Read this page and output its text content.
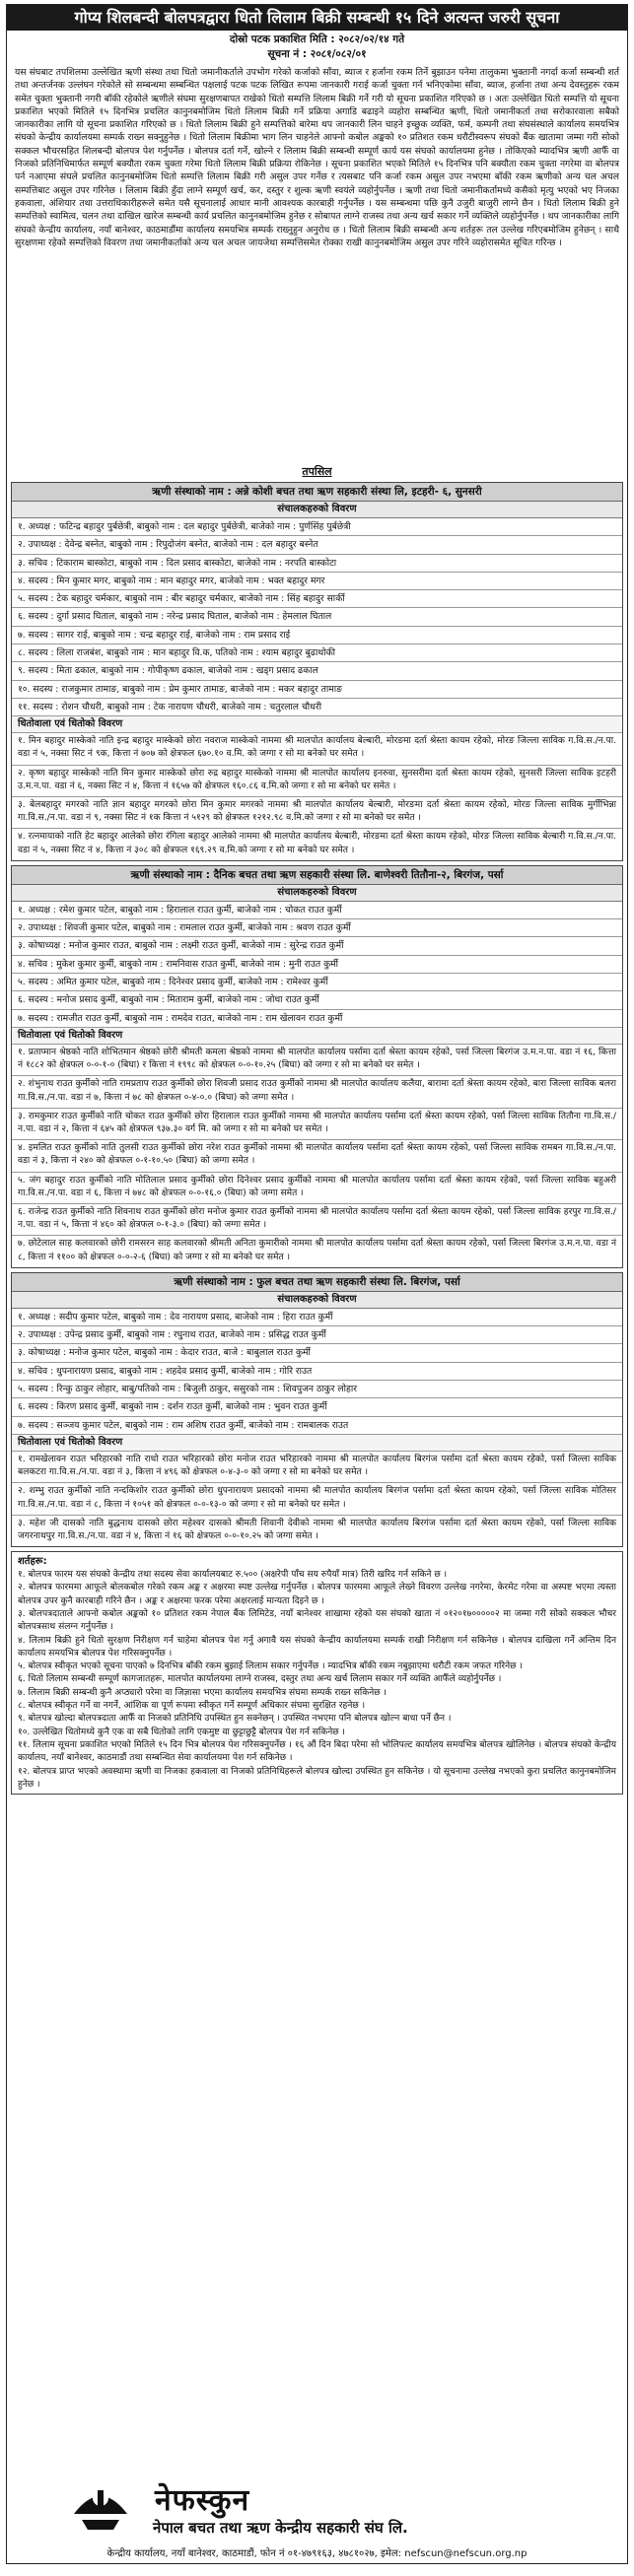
गोप्य शिलबन्दी बोलपत्रद्वारा धितो लिलाम बिक्री सम्बन्धी १५ दिने अत्यन्त जरुरी सूचना
दोस्रो पटक प्रकाशित मिति : २०८२/०२/१४ गते
सूचना नं : २०८१/०८२/०१
यस संघबाट तपशिलमा उल्लेखित ऋणी संस्था तथा धितो जमानीकर्ताले उपभोग गरेको कर्जाको साँवा, ब्याज र हर्जाना रकम तिर्ने बुझाउन पनेमा तालुकमा भुक्तानी नगर्दा कर्जा सम्बन्धी शर्त तथा अन्तर्जनक उल्लंघन गरेकोले सो सम्बन्धमा सम्बन्धित पक्षलाई पटक पटक लिखित रूपमा जानकारी गराई कर्जा चुक्ता गर्न भनिएकोमा साँवा, ब्याज, हर्जाना तथा अन्य देवस्तुहरू रकम समेत चुक्ता भुक्तानी नगरी बाँकी रहेकोले ऋणीले संघमा सुरक्षणबापत राखेको धितो सम्पत्ति लिलाम बिक्री गर्ने गरी यो सूचना प्रकाशित गरिएको छ । अतः उल्लेखित धितो सम्पत्ति यो सूचना प्रकाशित भएको मितिले १५ दिनभित्र प्रचलित कानुनबमोजिम धितो लिलाम बिक्री गर्ने प्रक्रिया अगाडि बढाइने व्यहोरा सम्बन्धित ऋणी, धितो जमानीकर्ता तथा सरोकारवाला सबैको जानकारीका लागि यो सूचना प्रकाशित गरिएको छ । धितो लिलाम बिक्री हुने सम्पत्तिको बारेमा थप जानकारी लिन चाहने इच्छुक व्यक्ति, फर्म, कम्पनी तथा संघसंस्थाले कार्यालय समयभित्र संघको केन्द्रीय कार्यालयमा सम्पर्क राख्न सक्नुहुनेछ । धितो लिलाम बिक्रीमा भाग लिन चाहनेले आफ्नो कबोल अङ्कको १० प्रतिशत रकम धरौटीस्वरूप संघको बैंक खातामा जम्मा गरी सोको सक्कल भौचरसहित शिलबन्दी बोलपत्र पेश गर्नुपर्नेछ । बोलपत्र दर्ता गर्ने, खोल्ने र लिलाम बिक्री सम्बन्धी सम्पूर्ण कार्य यस संघको कार्यालयमा हुनेछ । तोकिएको म्यादभित्र ऋणी आफैँ वा निजको प्रतिनिधिमार्फत सम्पूर्ण बक्यौता रकम चुक्ता गरेमा धितो लिलाम बिक्री प्रक्रिया रोकिनेछ । सूचना प्रकाशित भएको मितिले १५ दिनभित्र पनि बक्यौता रकम चुक्ता नगरेमा वा बोलपत्र पर्न नआएमा संघले प्रचलित कानुनबमोजिम धितो सम्पत्ति लिलाम बिक्री गरी असुल उपर गर्नेछ र त्यसबाट पनि कर्जा रकम असुल उपर नभएमा बाँकी रकम ऋणीको अन्य चल अचल सम्पत्तिबाट असुल उपर गरिनेछ । लिलाम बिक्री हुँदा लाग्ने सम्पूर्ण खर्च, कर, दस्तुर र शुल्क ऋणी स्वयंले व्यहोर्नुपर्नेछ । ऋणी तथा धितो जमानीकर्तामध्ये कसैको मृत्यु भएको भए निजका हकवाला, अंशियार तथा उत्तराधिकारीहरूले समेत यसै सूचनालाई आधार मानी आवश्यक कारबाही गर्नुपर्नेछ । यस सम्बन्धमा पछि कुनै उजुरी बाजुरी लाग्ने छैन । धितो लिलाम बिक्री हुने सम्पत्तिको स्वामित्व, चलन तथा दाखिल खारेज सम्बन्धी कार्य प्रचलित कानुनबमोजिम हुनेछ र सोबापत लाग्ने राजस्व तथा अन्य खर्च सकार गर्ने व्यक्तिले व्यहोर्नुपर्नेछ । थप जानकारीका लागि संघको केन्द्रीय कार्यालय, नयाँ बानेश्वर, काठमाडौंमा कार्यालय समयभित्र सम्पर्क राख्नुहुन अनुरोध छ । धितो लिलाम बिक्री सम्बन्धी अन्य शर्तहरू तल उल्लेख गरिएबमोजिम हुनेछन् । साथै सुरक्षणमा रहेको सम्पत्तिको विवरण तथा जमानीकर्ताको अन्य चल अचल जायजेथा सम्पत्तिसमेत रोक्का राखी कानुनबमोजिम असुल उपर गरिने व्यहोरासमेत सूचित गरिन्छ ।
तपसिल
ऋणी संस्थाको नाम : अन्ने कोशी बचत तथा ऋण सहकारी संस्था लि, इटहरी- ६, सुनसरी
संचालकहरुको विवरण
१. अध्यक्ष : फटिन्द्र बहादुर पुर्बछेत्री, बाबुको नाम : दल बहादुर पुर्बछेत्री, बाजेको नाम : पुर्णसिंह पुर्बछेत्री
२. उपाध्यक्ष : देवेन्द्र बस्नेत, बाबुको नाम : रिपुदोजंग बस्नेत, बाजेको नाम : दल बहादुर बस्नेत
३. सचिव : टिकाराम बास्कोटा, बाबुको नाम : दिल प्रसाद बास्कोटा, बाजेको नाम : नरपति बास्कोटा
४. सदस्य : मिन कुमार मगर, बाबुको नाम : मान बहादुर मगर, बाजेको नाम : भक्त बहादुर मगर
५. सदस्य : टेक बहादुर चर्मकार, बाबुको नाम : बीर बहादुर चर्मकार, बाजेको नाम : सिंह बहादुर सार्की
६. सदस्य : दुर्गा प्रसाद घिताल, बाबुको नाम : नरेन्द्र प्रसाद घिताल, बाजेको नाम : हेमलाल घिताल
७. सदस्य : सागर राई, बाबुको नाम : चन्द्र बहादुर राई, बाजेको नाम : राम प्रसाद राई
८. सदस्य : लिला राजबंश, बाबुको नाम : मान बहादुर वि.क, पतिको नाम : श्याम बहादुर बुढाथोकी
९. सदस्य : मिता ढकाल, बाबुको नाम : गोपीकृष्ण ढकाल, बाजेको नाम : खड्ग प्रसाद ढकाल
१०. सदस्य : राजकुमार तामाङ, बाबुको नाम : प्रेम कुमार तामाङ, बाजेको नाम : मकर बहादुर तामाङ
११. सदस्य : रोशन चौधरी, बाबुको नाम : टेक नारायण चौधरी, बाजेको नाम : चतुरलाल चौधरी
धितोवाला एवं धितोको विवरण
१. मिन बहादुर मास्केको नाति इन्द्र बहादुर मास्केको छोरा नवराज मास्केको नाममा श्री मालपोत कार्यालय बेल्बारी, मोरङमा दर्ता श्रेस्ता कायम रहेको, मोरङ जिल्ला साविक ग.वि.स./न.पा. वडा नं ५, नक्सा सिट नं ९क, कित्ता नं ७०७ को क्षेत्रफल ६७०.१० व.मि. को जग्गा र सो मा बनेको घर समेत ।
२. कृष्ण बहादुर मास्केको नाति मिन कुमार मास्केको छोरा रुद्र बहादुर मास्केको नाममा श्री मालपोत कार्यालय इनरुवा, सुनसरीमा दर्ता श्रेस्ता कायम रहेको, सुनसरी जिल्ला साविक इटहरी उ.म.न.पा. वडा नं ६, नक्सा सिट नं ४, कित्ता नं १६५७ को क्षेत्रफल १६०.८६ व.मि.को जग्गा र सो मा बनेको घर समेत ।
३. बेलबहादुर मगरको नाति ज्ञान बहादुर मगरको छोरा मिन कुमार मगरको नाममा श्री मालपोत कार्यालय बेल्बारी, मोरङमा दर्ता श्रेस्ता कायम रहेको, मोरङ जिल्ला साविक मुर्गीभिन्ना गा.वि.स./न.पा. वडा नं ९, नक्सा सिट नं १क कित्ता नं ५१२९ को क्षेत्रफल १२१२.९८ व.मि.को जग्गा र सो मा बनेको घर समेत ।
४. रत्नमायाको नाति हेट बहादुर आलेको छोरा रंगिला बहादुर आलेको नाममा श्री मालपोत कार्यालय बेल्बारी, मोरङमा दर्ता श्रेस्ता कायम रहेको, मोरङ जिल्ला साविक बेल्बारी ग.वि.स./न.पा. वडा नं ५, नक्सा सिट नं ४, कित्ता नं ३०८ को क्षेत्रफल १६९.२९ व.मि.को जग्गा र सो मा बनेको घर समेत ।
ऋणी संस्थाको नाम : दैनिक बचत तथा ऋण सहकारी संस्था लि. बाणेश्वरी तितौना-२, बिरगंज, पर्सा
संचालकहरुको विवरण
१. अध्यक्ष : रमेश कुमार पटेल, बाबुको नाम : हिरालाल राउत कुर्मी, बाजेको नाम : चोकत राउत कुर्मी
२. उपाध्यक्ष : शिवजी कुमार पटेल, बाबुको नाम : रामलाल राउत कुर्मी, बाजेको नाम : श्रवण राउत कुर्मी
३. कोषाध्यक्ष : मनोज कुमार राउत, बाबुको नाम : लक्ष्मी राउत कुर्मी, बाजेको नाम : सुरेन्द्र राउत कुर्मी
४. सचिव : मुकेश कुमार कुर्मी, बाबुको नाम : रामनिवास राउत कुर्मी, बाजेको नाम : मुनी राउत कुर्मी
५. सदस्य : अमित कुमार पटेल, बाबुको नाम : दिनेश्वर प्रसाद कुर्मी, बाजेको नाम : रामेश्वर कुर्मी
६. सदस्य : मनोज प्रसाद कुर्मी, बाबुको नाम : मिताराम कुर्मी, बाजेको नाम : जोधा राउत कुर्मी
७. सदस्य : रामजीत राउत कुर्मी, बाबुको नाम : रामदेव राउत, बाजेको नाम : राम खेलावन राउत कुर्मी
धितोवाला एवं धितोको विवरण
१. प्रताप्मान श्रेष्ठको नाति शोभितमान श्रेष्ठको छोरी श्रीमती कमला श्रेष्ठको नाममा श्री मालपोत कार्यालय पर्सामा दर्ता श्रेस्ता कायम रहेको, पर्सा जिल्ला बिरगंज उ.म.न.पा. वडा नं १६, कित्ता नं १८८२ को क्षेत्रफल ०-०-१-० (बिघा) र कित्ता नं १९९८ को क्षेत्रफल ०-०-१०.२५ (बिघा) को जग्गा र सो मा बनेको घर समेत ।
२. शंभुनाथ राउत कुर्मीको नाति रामप्रताप राउत कुर्मीको छोरा शिवजी प्रसाद राउत कुर्मीको नाममा श्री मालपोत कार्यालय कलैया, बारामा दर्ता श्रेस्ता कायम रहेको, बारा जिल्ला साविक बलरा गा.वि.स./न.पा. वडा नं ७, कित्ता नं ७८ को क्षेत्रफल ०-४-०.० (बिघा) को जग्गा समेत ।
३. रामकुमार राउत कुर्मीको नाति चोकत राउत कुर्मीको छोरा हिरालाल राउत कुर्मीको नाममा श्री मालपोत कार्यालय पर्सामा दर्ता श्रेस्ता कायम रहेको, पर्सा जिल्ला साविक तितौना गा.वि.स./न.पा. वडा नं २, कित्ता नं ६४५ को क्षेत्रफल ९३७.३० वर्ग मि. को जग्गा र सो मा बनेको घर समेत ।
४. इमलित राउत कुर्मीको नाति तुलसी राउत कुर्मीको छोरा नरेश राउत कुर्मीको नाममा श्री मालपोत कार्यालय पर्सामा दर्ता श्रेस्ता कायम रहेको, पर्सा जिल्ला साविक रामबन गा.वि.स./न.पा. वडा नं ३, कित्ता नं २४० को क्षेत्रफल ०-१-१०.५० (बिघा) को जग्गा समेत ।
५. जंग बहादुर राउत कुर्मीको नाति मोतिलाल प्रसाद कुर्मीको छोरा दिनेश्वर प्रसाद कुर्मीको नाममा श्री मालपोत कार्यालय पर्सामा दर्ता श्रेस्ता कायम रहेको, पर्सा जिल्ला साविक बहुअरी गा.वि.स./न.पा. वडा नं ६, कित्ता नं ७४८ को क्षेत्रफल ०-०-१६.० (बिघा) को जग्गा समेत ।
६. राजेन्द्र राउत कुर्मीको नाति शिवनाथ राउत कुर्मीको छोरा मनोज कुमार राउत कुर्मीको नाममा श्री मालपोत कार्यालय पर्सामा दर्ता श्रेस्ता कायम रहेको, पर्सा जिल्ला साविक हरपुर गा.वि.स./न.पा. वडा नं ५, कित्ता नं ४६० को क्षेत्रफल ०-१-३.० (बिघा) को जग्गा समेत ।
७. छोटेलाल साह कलवारको छोरी रामसरन साह कलवारको श्रीमती अनिता कुमारीको नाममा श्री मालपोत कार्यालय पर्सामा दर्ता श्रेस्ता कायम रहेको, पर्सा जिल्ला बिरगंज उ.म.न.पा. वडा नं ८, कित्ता नं ११०० को क्षेत्रफल ०-०-२-६ (बिघा) को जग्गा र सो मा बनेको घर समेत ।
ऋणी संस्थाको नाम : फुल बचत तथा ऋण सहकारी संस्था लि. बिरगंज, पर्सा
संचालकहरुको विवरण
१. अध्यक्ष : सदीप कुमार पटेल, बाबुको नाम : देव नारायण प्रसाद, बाजेको नाम : हिरा राउत कुर्मी
२. उपाध्यक्ष : उपेन्द्र प्रसाद कुर्मी, बाबुको नाम : रघुनाथ राउत, बाजेको नाम : प्रसिद्ध राउत कुर्मी
३. कोषाध्यक्ष : मनोज कुमार पटेल, बाबुको नाम : केदार राउत, बाजे : बाबुलाल राउत कुर्मी
४. सचिव : धुपनारायण प्रसाद, बाबुको नाम : शहदेव प्रसाद कुर्मी, बाजेको नाम : गोरि राउत
५. सदस्य : रिन्कु ठाकुर लोहार, बाबु/पतिको नाम : बिजुली ठाकुर, ससुरको नाम : शिवपुजन ठाकुर लोहार
६. सदस्य : किरण प्रसाद कुर्मी, बाबुको नाम : दर्शन राउत कुर्मी, बाजेको नाम : भुवन राउत कुर्मी
७. सदस्य : सञ्जय कुमार पटेल, बाबुको नाम : राम अशिष राउत कुर्मी, बाजेको नाम : रामबालक राउत
धितोवाला एवं धितोको विवरण
१. रामखेलावन राउत भरिहारको नाति राधो राउत भरिहारको छोरा मनोज राउत भरिहारको नाममा श्री मालपोत कार्यालय बिरगंज पर्सामा दर्ता श्रेस्ता कायम रहेको, पर्सा जिल्ला साविक बलकटरा गा.वि.स./न.पा. वडा नं ३, कित्ता नं ४९६ को क्षेत्रफल ०-४-३-० को जग्गा र सो मा बनेको घर समेत ।
२. शम्भु राउत कुर्मीको नाति नन्दकिशोर राउत कुर्मीको छोरा धुपनारायण प्रसादको नाममा श्री मालपोत कार्यालय बिरगंज पर्सामा दर्ता श्रेस्ता कायम रहेको, पर्सा जिल्ला साविक मोतिसर गा.वि.स./न.पा. वडा नं ८, कित्ता नं १०५१ को क्षेत्रफल ०-०-१३-० को जग्गा र सो मा बनेको घर समेत ।
३. महेश जी दासको नाति बुद्धनाथ दासको छोरा महेश्वर दासको श्रीमती शिवानी देवीको नाममा श्री मालपोत कार्यालय बिरगंज पर्सामा दर्ता श्रेस्ता कायम रहेको, पर्सा जिल्ला साविक जगरनाथपुर गा.वि.स./न.पा. वडा नं ४, कित्ता नं १६ को क्षेत्रफल ०-०-१०.२५ को जग्गा समेत ।
शर्तहरू:

१. बोलपत्र फारम यस संघको केन्द्रीय तथा सदस्य सेवा कार्यालयबाट रु.५०० (अक्षरेपी पाँच सय रुपैयाँ मात्र) तिरी खरिद गर्न सकिने छ ।

२. बोलपत्र फारममा आफूले बोलकबोल गरेको रकम अङ्क र अक्षरमा स्पष्ट उल्लेख गर्नुपर्नेछ । बोलपत्र फारममा आफूले लेख्ने विवरण उल्लेख नगरेमा, केरमेट गरेमा वा अस्पष्ट भएमा त्यस्ता बोलपत्र उपर कुनै कारबाही गरिने छैन । अङ्क र अक्षरमा फरक परेमा अक्षरलाई मान्यता दिइने छ ।

३. बोलपत्रदाताले आफ्नो कबोल अङ्कको १० प्रतिशत रकम नेपाल बैंक लिमिटेड, नयाँ बानेश्वर शाखामा रहेको यस संघको खाता नं ०१२०१७०००००२ मा जम्मा गरी सोको सक्कल भौचर बोलपत्रसाथ संलग्न गर्नुपर्नेछ ।

४. लिलाम बिक्री हुने धितो सुरक्षण निरीक्षण गर्न चाहेमा बोलपत्र पेश गर्नु अगावै यस संघको केन्द्रीय कार्यालयमा सम्पर्क राखी निरीक्षण गर्न सकिनेछ । बोलपत्र दाखिला गर्ने अन्तिम दिन कार्यालय समयभित्र बोलपत्र पेश गरिसक्नुपर्नेछ ।

५. बोलपत्र स्वीकृत भएको सूचना पाएको ७ दिनभित्र बाँकी रकम बुझाई लिलाम सकार गर्नुपर्नेछ । म्यादभित्र बाँकी रकम नबुझाएमा धरौटी रकम जफत गरिनेछ ।

६. धितो लिलाम सम्बन्धी सम्पूर्ण कागजातहरू, मालपोत कार्यालयमा लाग्ने राजस्व, दस्तुर तथा अन्य खर्च लिलाम सकार गर्ने व्यक्ति आफैँले व्यहोर्नुपर्नेछ ।

७. लिलाम बिक्री सम्बन्धी कुनै अप्ठ्यारो परेमा वा जिज्ञासा भएमा कार्यालय समयभित्र संघमा सम्पर्क राख्न सकिनेछ ।

८. बोलपत्र स्वीकृत गर्ने वा नगर्ने, आंशिक वा पूर्ण रूपमा स्वीकृत गर्ने सम्पूर्ण अधिकार संघमा सुरक्षित रहनेछ ।

९. बोलपत्र खोल्दा बोलपत्रदाता आफैँ वा निजको प्रतिनिधि उपस्थित हुन सक्नेछन् । उपस्थित नभएमा पनि बोलपत्र खोल्न बाधा पर्ने छैन ।

१०. उल्लेखित धितोमध्ये कुनै एक वा सबै धितोको लागि एकमुष्ट वा छुट्टाछुट्टै बोलपत्र पेश गर्न सकिनेछ ।

११. लिलाम सूचना प्रकाशित भएको मितिले १५ दिन भित्र बोलपत्र पेश गरिसक्नुपर्नेछ । १६ औं दिन बिदा परेमा सो भोलिपल्ट कार्यालय समयभित्र बोलपत्र खोलिनेछ । बोलपत्र संघको केन्द्रीय कार्यालय, नयाँ बानेश्वर, काठमाडौं तथा सम्बन्धित सेवा कार्यालयमा पेश गर्न सकिनेछ ।

१२. बोलपत्र प्राप्त भएको अवस्थामा ऋणी वा निजका हकवाला वा निजको प्रतिनिधिहरूले बोलपत्र खोल्दा उपस्थित हुन सकिनेछ । यो सूचनामा उल्लेख नभएको कुरा प्रचलित कानुनबमोजिम हुनेछ ।

नेफस्कुन
नेपाल बचत तथा ऋण केन्द्रीय सहकारी संघ लि.
केन्द्रीय कार्यालय, नयाँ बानेश्वर, काठमाडौं, फोन नं ०१-४७९१६३, ४७८१०२७, इमेल: nefscun@nefscun.org.np
